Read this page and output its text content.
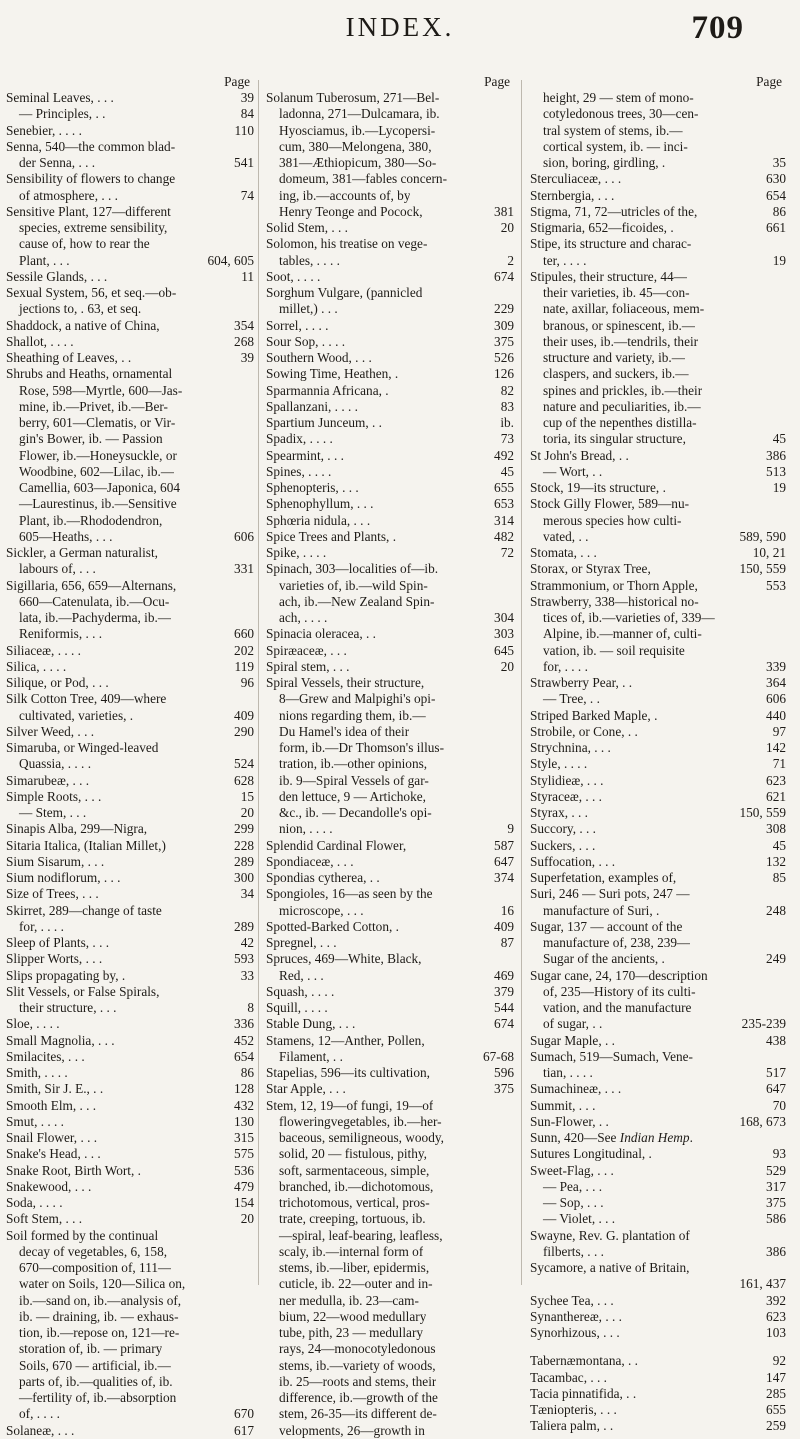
INDEX.	709
Page
Seminal Leaves, . . .	39
— Principles, . .	84
Senebier, . . . .	110
Senna, 540—the common blad-
der Senna, . . .	541
Sensibility of flowers to change
of atmosphere, . . .	74
Sensitive Plant, 127—different
species, extreme sensibility,
cause of, how to rear the
Plant, . . .	604, 605
Sessile Glands, . . .	11
Sexual System, 56, et seq.—ob-
jections to, . 63, et seq.
Shaddock, a native of China,	354
Shallot, . . . .	268
Sheathing of Leaves, . .	39
Shrubs and Heaths, ornamental
Rose, 598—Myrtle, 600—Jas-
mine, ib.—Privet, ib.—Ber-
berry, 601—Clematis, or Vir-
gin's Bower, ib. — Passion
Flower, ib.—Honeysuckle, or
Woodbine, 602—Lilac, ib.—
Camellia, 603—Japonica, 604
—Laurestinus, ib.—Sensitive
Plant, ib.—Rhododendron,
605—Heaths, . . .	606
Sickler, a German naturalist,
labours of, . . .	331
Sigillaria, 656, 659—Alternans,
660—Catenulata, ib.—Ocu-
lata, ib.—Pachyderma, ib.—
Reniformis, . . .	660
Siliaceæ, . . . .	202
Silica, . . . .	119
Silique, or Pod, . . .	96
Silk Cotton Tree, 409—where
cultivated, varieties, .	409
Silver Weed, . . .	290
Simaruba, or Winged-leaved
Quassia, . . . .	524
Simarubeæ, . . .	628
Simple Roots, . . .	15
— Stem, . . .	20
Sinapis Alba, 299—Nigra,	299
Sitaria Italica, (Italian Millet,)	228
Sium Sisarum, . . .	289
Sium nodiflorum, . . .	300
Size of Trees, . . .	34
Skirret, 289—change of taste
for, . . . .	289
Sleep of Plants, . . .	42
Slipper Worts, . . .	593
Slips propagating by, .	33
Slit Vessels, or False Spirals,
their structure, . . .	8
Sloe, . . . .	336
Small Magnolia, . . .	452
Smilacites, . . .	654
Smith, . . . .	86
Smith, Sir J. E., . .	128
Smooth Elm, . . .	432
Smut, . . . .	130
Snail Flower, . . .	315
Snake's Head, . . .	575
Snake Root, Birth Wort, .	536
Snakewood, . . .	479
Soda, . . . .	154
Soft Stem, . . .	20
Soil formed by the continual
decay of vegetables, 6, 158,
670—composition of, 111—
water on Soils, 120—Silica on,
ib.—sand on, ib.—analysis of,
ib. — draining, ib. — exhaus-
tion, ib.—repose on, 121—re-
storation of, ib. — primary
Soils, 670 — artificial, ib.—
parts of, ib.—qualities of, ib.
—fertility of, ib.—absorption
of, . . . .	670
Solaneæ, . . .	617
Page
Solanum Tuberosum, 271—Bel-
ladonna, 271—Dulcamara, ib.
Hyosciamus, ib.—Lycopersi-
cum, 380—Melongena, 380,
381—Æthiopicum, 380—So-
domeum, 381—fables concern-
ing, ib.—accounts of, by
Henry Teonge and Pocock,	381
Solid Stem, . . .	20
Solomon, his treatise on vege-
tables, . . . .	2
Soot, . . . .	674
Sorghum Vulgare, (pannicled
millet,) . . .	229
Sorrel, . . . .	309
Sour Sop, . . . .	375
Southern Wood, . . .	526
Sowing Time, Heathen, .	126
Sparmannia Africana, .	82
Spallanzani, . . . .	83
Spartium Junceum, . .	ib.
Spadix, . . . .	73
Spearmint, . . .	492
Spines, . . . .	45
Sphenopteris, . . .	655
Sphenophyllum, . . .	653
Sphœria nidula, . . .	314
Spice Trees and Plants, .	482
Spike, . . . .	72
Spinach, 303—localities of—ib.
varieties of, ib.—wild Spin-
ach, ib.—New Zealand Spin-
ach, . . . .	304
Spinacia oleracea, . .	303
Spiræaceæ, . . .	645
Spiral stem, . . .	20
Spiral Vessels, their structure,
8—Grew and Malpighi's opi-
nions regarding them, ib.—
Du Hamel's idea of their
form, ib.—Dr Thomson's illus-
tration, ib.—other opinions,
ib. 9—Spiral Vessels of gar-
den lettuce, 9 — Artichoke,
&c., ib. — Decandolle's opi-
nion, . . . .	9
Splendid Cardinal Flower,	587
Spondiaceæ, . . .	647
Spondias cytherea, . .	374
Spongioles, 16—as seen by the
microscope, . . .	16
Spotted-Barked Cotton, .	409
Spregnel, . . .	87
Spruces, 469—White, Black,
Red, . . .	469
Squash, . . . .	379
Squill, . . . .	544
Stable Dung, . . .	674
Stamens, 12—Anther, Pollen,
Filament, . .	67-68
Stapelias, 596—its cultivation,	596
Star Apple, . . .	375
Stem, 12, 19—of fungi, 19—of
floweringvegetables, ib.—her-
baceous, semiligneous, woody,
solid, 20 — fistulous, pithy,
soft, sarmentaceous, simple,
branched, ib.—dichotomous,
trichotomous, vertical, pros-
trate, creeping, tortuous, ib.
—spiral, leaf-bearing, leafless,
scaly, ib.—internal form of
stems, ib.—liber, epidermis,
cuticle, ib. 22—outer and in-
ner medulla, ib. 23—cam-
bium, 22—wood medullary
tube, pith, 23 — medullary
rays, 24—monocotyledonous
stems, ib.—variety of woods,
ib. 25—roots and stems, their
difference, ib.—growth of the
stem, 26-35—its different de-
velopments, 26—growth in
Page
height, 29 — stem of mono-
cotyledonous trees, 30—cen-
tral system of stems, ib.—
cortical system, ib. — inci-
sion, boring, girdling, .	35
Sterculiaceæ, . . .	630
Sternbergia, . . .	654
Stigma, 71, 72—utricles of the,	86
Stigmaria, 652—ficoides, .	661
Stipe, its structure and charac-
ter, . . . .	19
Stipules, their structure, 44—
their varieties, ib. 45—con-
nate, axillar, foliaceous, mem-
branous, or spinescent, ib.—
their uses, ib.—tendrils, their
structure and variety, ib.—
claspers, and suckers, ib.—
spines and prickles, ib.—their
nature and peculiarities, ib.—
cup of the nepenthes distilla-
toria, its singular structure,	45
St John's Bread, . .	386
— Wort, . .	513
Stock, 19—its structure, .	19
Stock Gilly Flower, 589—nu-
merous species how culti-
vated, . .	589, 590
Stomata, . . .	10, 21
Storax, or Styrax Tree,	150, 559
Strammonium, or Thorn Apple,	553
Strawberry, 338—historical no-
tices of, ib.—varieties of, 339—
Alpine, ib.—manner of, culti-
vation, ib. — soil requisite
for, . . . .	339
Strawberry Pear, . .	364
— Tree, . .	606
Striped Barked Maple, .	440
Strobile, or Cone, . .	97
Strychnina, . . .	142
Style, . . . .	71
Stylidieæ, . . .	623
Styraceæ, . . .	621
Styrax, . . .	150, 559
Succory, . . .	308
Suckers, . . .	45
Suffocation, . . .	132
Superfetation, examples of,	85
Suri, 246 — Suri pots, 247 —
manufacture of Suri, .	248
Sugar, 137 — account of the
manufacture of, 238, 239—
Sugar of the ancients, .	249
Sugar cane, 24, 170—description
of, 235—History of its culti-
vation, and the manufacture
of sugar, . .	235-239
Sugar Maple, . .	438
Sumach, 519—Sumach, Vene-
tian, . . . .	517
Sumachineæ, . . .	647
Summit, . . .	70
Sun-Flower, . .	168, 673
Sunn, 420—See Indian Hemp.
Sutures Longitudinal, .	93
Sweet-Flag, . . .	529
— Pea, . . .	317
— Sop, . . .	375
— Violet, . . .	586
Swayne, Rev. G. plantation of
filberts, . . .	386
Sycamore, a native of Britain,
161, 437
Sychee Tea, . . .	392
Synanthereæ, . . .	623
Synorhizous, . . .	103
Tabernæmontana, . .	92
Tacambac, . . .	147
Tacia pinnatifida, . .	285
Tæniopteris, . . .	655
Taliera palm, . .	259
